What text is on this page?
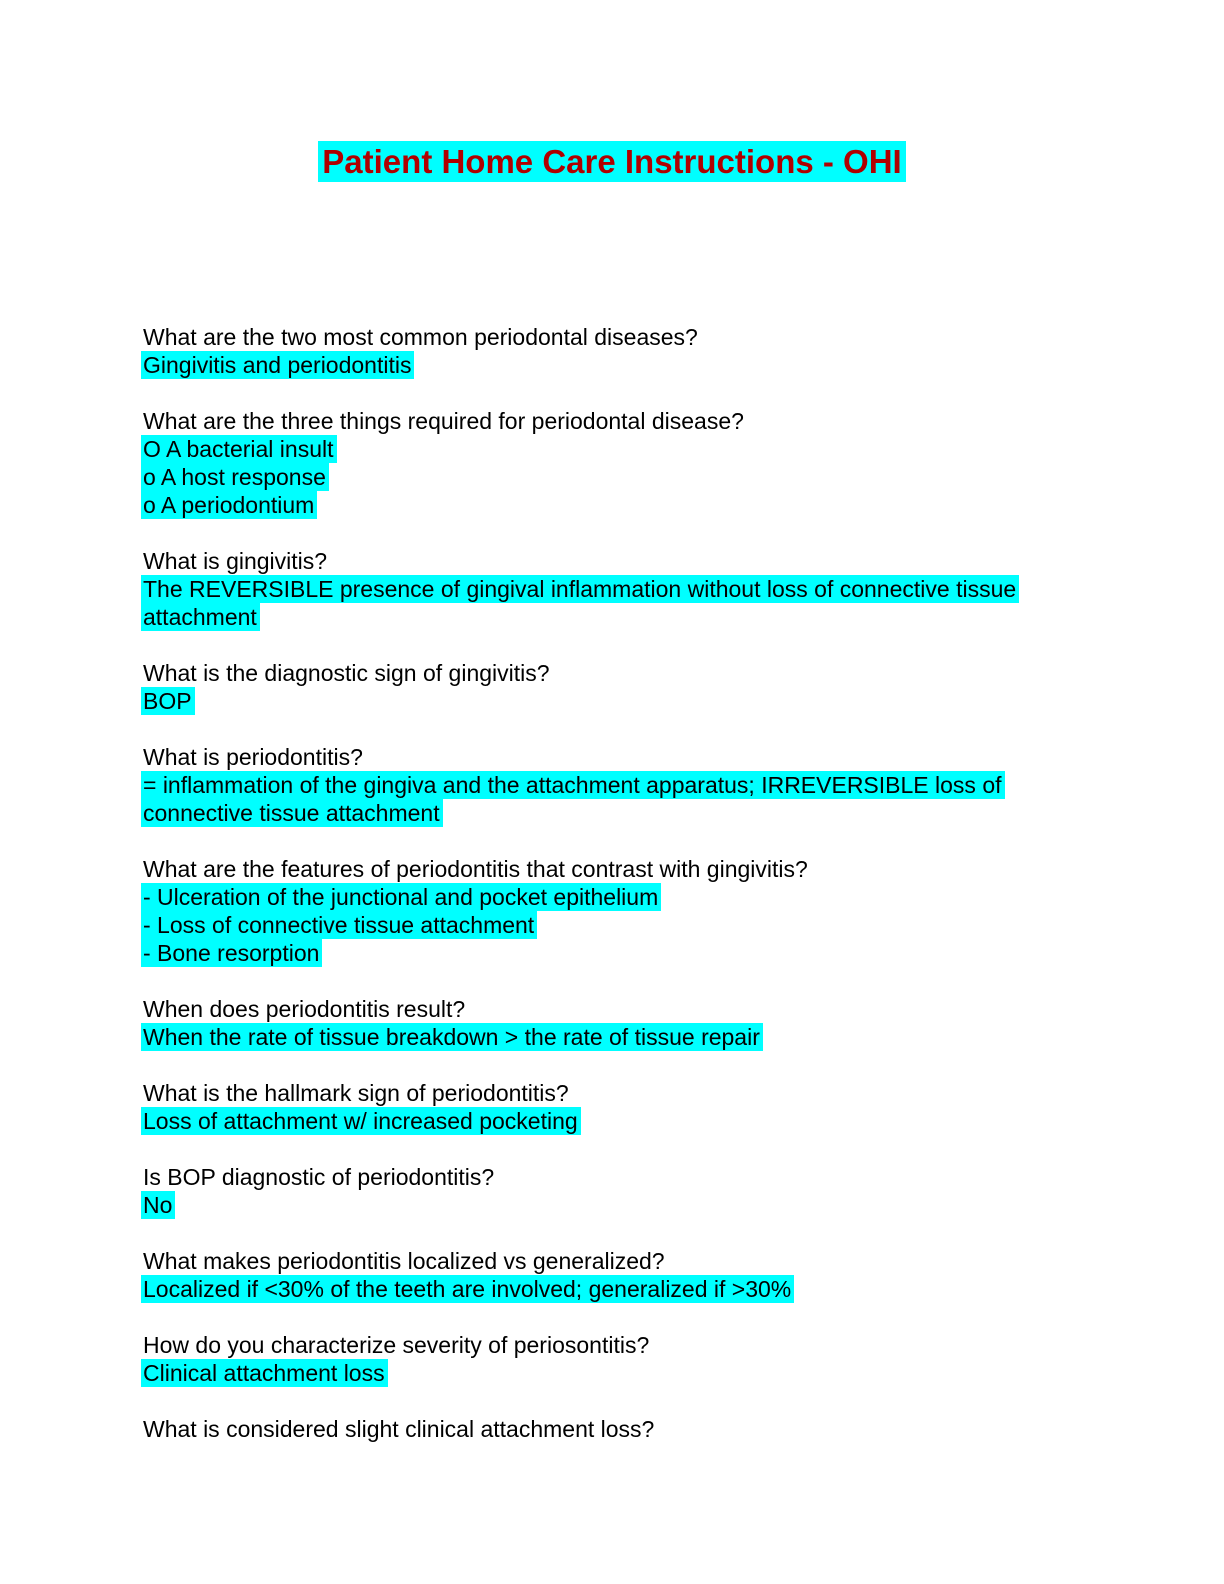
Patient Home Care Instructions - OHI
What are the two most common periodontal diseases?
Gingivitis and periodontitis
What are the three things required for periodontal disease?
O A bacterial insult
o A host response
o A periodontium
What is gingivitis?
The REVERSIBLE presence of gingival inflammation without loss of connective tissue attachment
What is the diagnostic sign of gingivitis?
BOP
What is periodontitis?
= inflammation of the gingiva and the attachment apparatus; IRREVERSIBLE loss of connective tissue attachment
What are the features of periodontitis that contrast with gingivitis?
- Ulceration of the junctional and pocket epithelium
- Loss of connective tissue attachment
- Bone resorption
When does periodontitis result?
When the rate of tissue breakdown > the rate of tissue repair
What is the hallmark sign of periodontitis?
Loss of attachment w/ increased pocketing
Is BOP diagnostic of periodontitis?
No
What makes periodontitis localized vs generalized?
Localized if <30% of the teeth are involved; generalized if >30%
How do you characterize severity of periosontitis?
Clinical attachment loss
What is considered slight clinical attachment loss?
